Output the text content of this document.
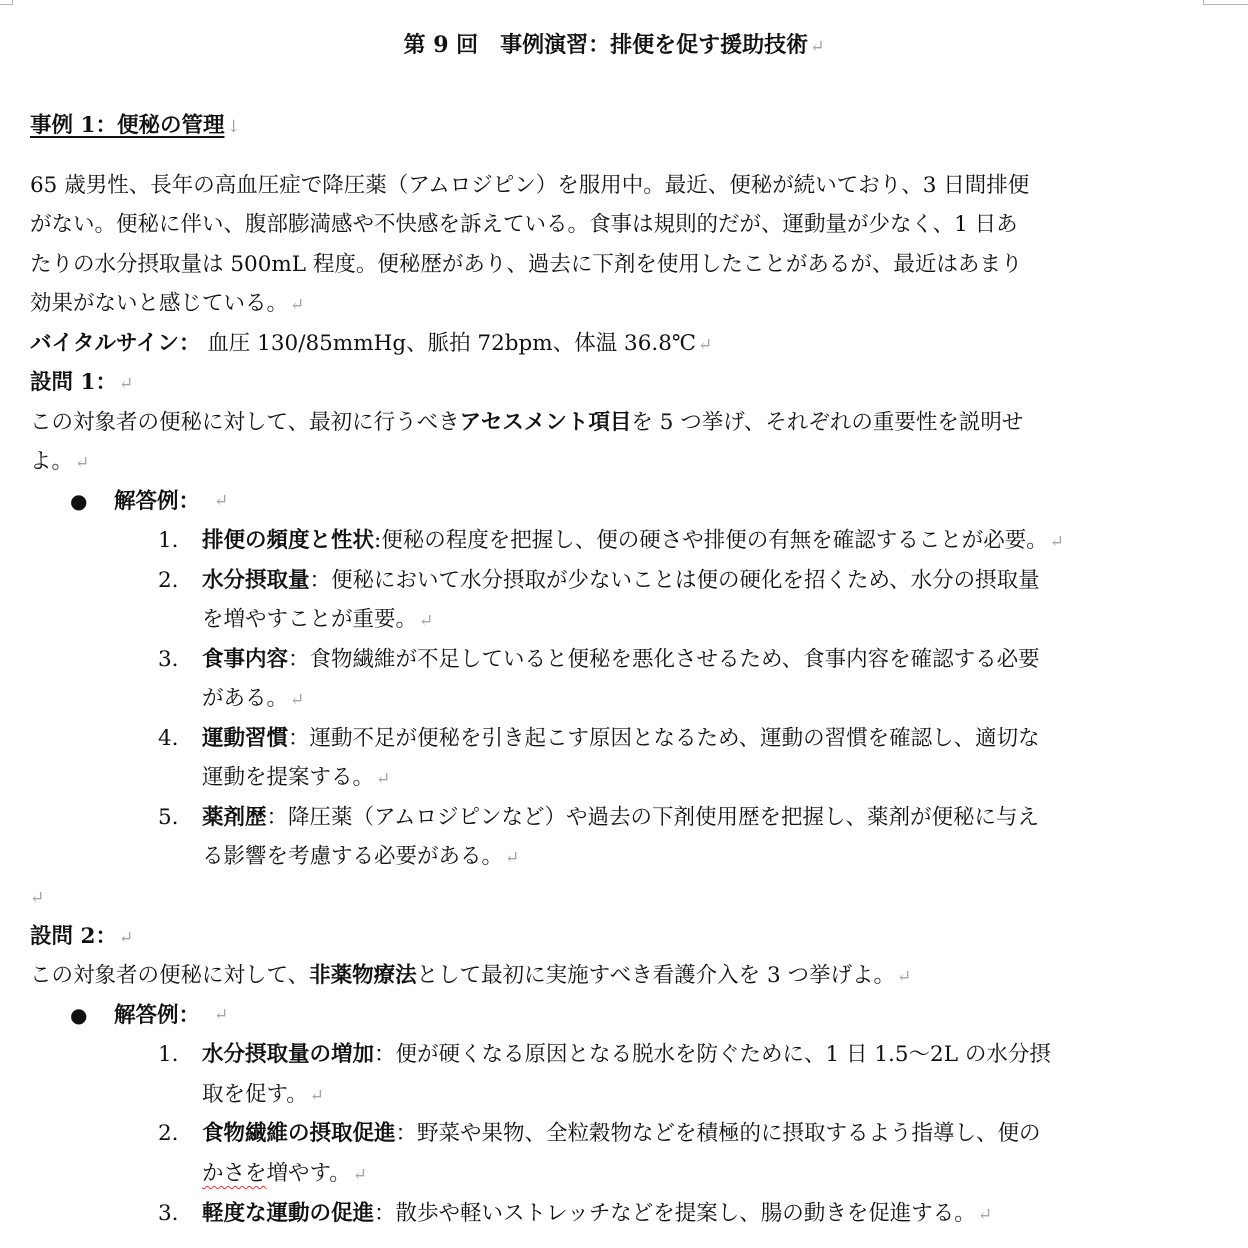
第 9 回　事例演習：排便を促す援助技術 ↵
事例 1：便秘の管理 ↓
65 歳男性、長年の高血圧症で降圧薬（アムロジピン）を服用中。最近、便秘が続いており、3 日間排便
がない。便秘に伴い、腹部膨満感や不快感を訴えている。食事は規則的だが、運動量が少なく、1 日あ
たりの水分摂取量は 500mL 程度。便秘歴があり、過去に下剤を使用したことがあるが、最近はあまり
効果がないと感じている。 ↵
バイタルサイン： 血圧 130/85mmHg、脈拍 72bpm、体温 36.8℃ ↵
設問 1： ↵
この対象者の便秘に対して、最初に行うべきアセスメント項目を 5 つ挙げ、それぞれの重要性を説明せ
よ。 ↵
● 解答例： ↵
1. 排便の頻度と性状:便秘の程度を把握し、便の硬さや排便の有無を確認することが必要。 ↵
2. 水分摂取量：便秘において水分摂取が少ないことは便の硬化を招くため、水分の摂取量
を増やすことが重要。 ↵
3. 食事内容：食物繊維が不足していると便秘を悪化させるため、食事内容を確認する必要
がある。 ↵
4. 運動習慣：運動不足が便秘を引き起こす原因となるため、運動の習慣を確認し、適切な
運動を提案する。 ↵
5. 薬剤歴：降圧薬（アムロジピンなど）や過去の下剤使用歴を把握し、薬剤が便秘に与え
る影響を考慮する必要がある。 ↵
↵
設問 2： ↵
この対象者の便秘に対して、非薬物療法として最初に実施すべき看護介入を 3 つ挙げよ。 ↵
● 解答例： ↵
1. 水分摂取量の増加：便が硬くなる原因となる脱水を防ぐために、1 日 1.5～2L の水分摂
取を促す。 ↵
2. 食物繊維の摂取促進：野菜や果物、全粒穀物などを積極的に摂取するよう指導し、便の
かさを増やす。 ↵
3. 軽度な運動の促進：散歩や軽いストレッチなどを提案し、腸の動きを促進する。 ↵
